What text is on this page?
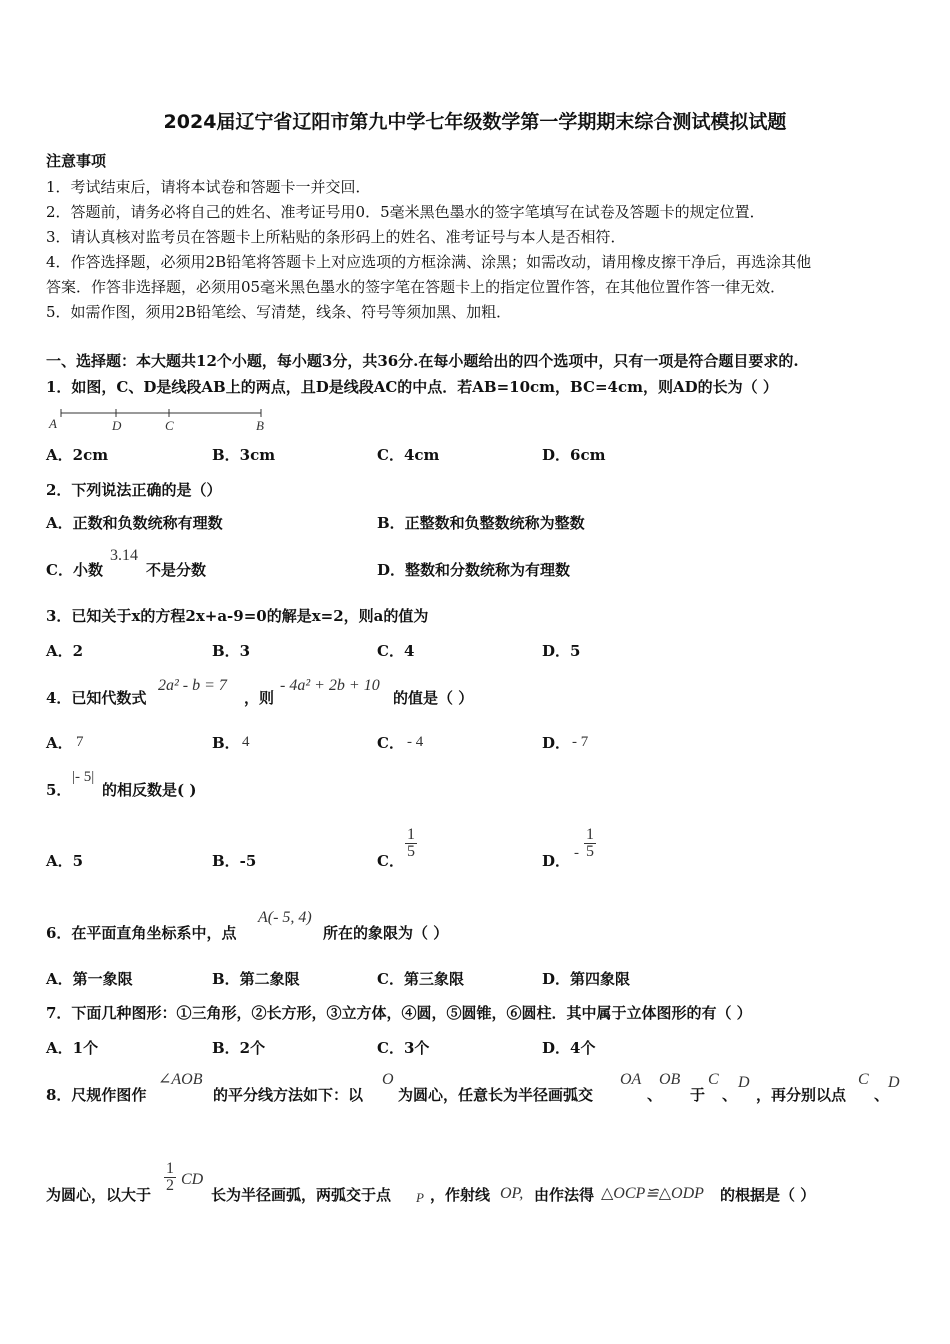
2024届辽宁省辽阳市第九中学七年级数学第一学期期末综合测试模拟试题
注意事项
1．考试结束后，请将本试卷和答题卡一并交回．
2．答题前，请务必将自己的姓名、准考证号用0．5毫米黑色墨水的签字笔填写在试卷及答题卡的规定位置．
3．请认真核对监考员在答题卡上所粘贴的条形码上的姓名、准考证号与本人是否相符．
4．作答选择题，必须用2B铅笔将答题卡上对应选项的方框涂满、涂黑；如需改动，请用橡皮擦干净后，再选涂其他
答案．作答非选择题，必须用05毫米黑色墨水的签字笔在答题卡上的指定位置作答，在其他位置作答一律无效．
5．如需作图，须用2B铅笔绘、写清楚，线条、符号等须加黑、加粗．
一、选择题：本大题共12个小题，每小题3分，共36分.在每小题给出的四个选项中，只有一项是符合题目要求的.
1．如图，C、D是线段AB上的两点，且D是线段AC的中点．若AB=10cm，BC=4cm，则AD的长为（ ）
A	D	C	B
A．2cm	B．3cm	C．4cm	D．6cm
2．下列说法正确的是（）
A．正数和负数统称有理数	B．正整数和负整数统称为整数
C．小数
3.14
不是分数	D．整数和分数统称为有理数
3．已知关于x的方程2x+a-9=0的解是x=2，则a的值为
A．2	B．3	C．4	D．5
4．已知代数式
2a² - b = 7
，则
- 4a² + 2b + 10
的值是（ ）
A． 7	B． 4	C． - 4	D． - 7
5．
|- 5|
的相反数是( )
A．5	B．-5	C．
$\frac{1}{5}$
D． - $\frac{1}{5}$
6．在平面直角坐标系中，点
A(- 5, 4)
所在的象限为（ ）
A．第一象限	B．第二象限	C．第三象限	D．第四象限
7．下面几种图形：①三角形，②长方形，③立方体，④圆，⑤圆锥，⑥圆柱．其中属于立体图形的有（ ）
A．1个	B．2个	C．3个	D．4个
8．尺规作图作
∠AOB
的平分线方法如下：以
O
为圆心，任意长为半径画弧交
OA
、
OB
于
C
、
D
，再分别以点
C
、
D
为圆心，以大于
$\frac{1}{2}$ CD
长为半径画弧，两弧交于点 P ，作射线 OP, 由作法得 △OCP≌△ODP 的根据是（ ）
